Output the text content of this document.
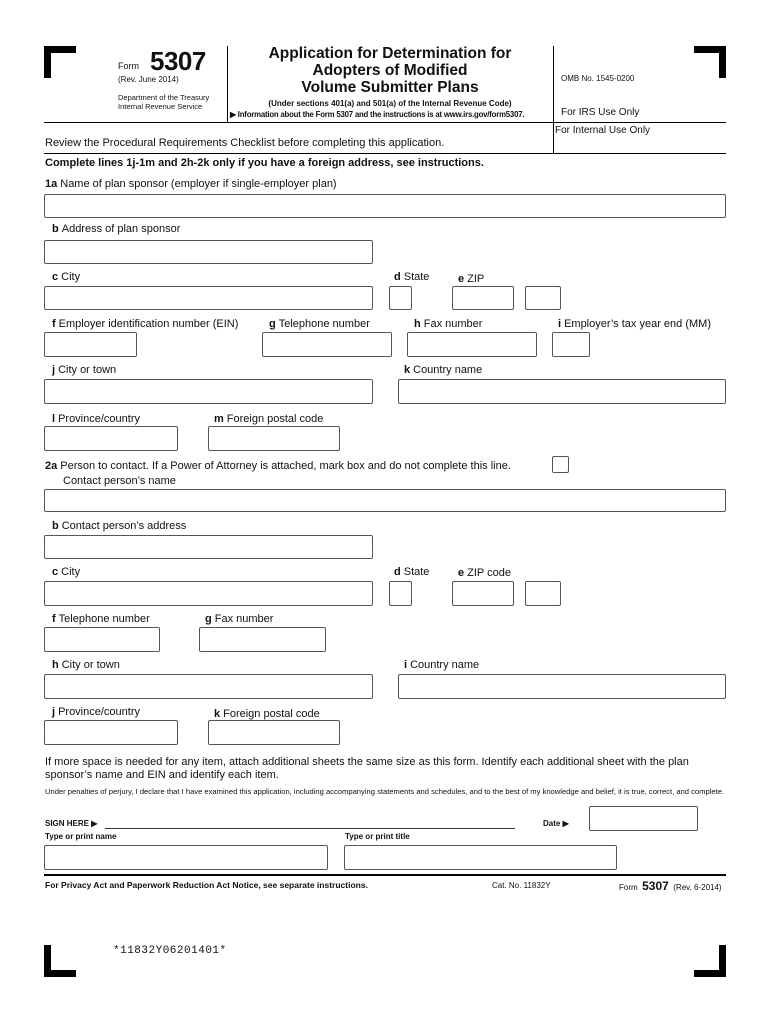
Form 5307
(Rev. June 2014)
Department of the Treasury
Internal Revenue Service
Application for Determination for
Adopters of Modified
Volume Submitter Plans
(Under sections 401(a) and 501(a) of the Internal Revenue Code)
▶ Information about the Form 5307 and the instructions is at www.irs.gov/form5307.
OMB No. 1545-0200
For IRS Use Only
For Internal Use Only
Review the Procedural Requirements Checklist before completing this application.
Complete lines 1j-1m and 2h-2k only if you have a foreign address, see instructions.
1a Name of plan sponsor (employer if single-employer plan)
b Address of plan sponsor
c City	d State	e ZIP
f Employer identification number (EIN)	g Telephone number	h Fax number	i Employer’s tax year end (MM)
j City or town	k Country name
l Province/country	m Foreign postal code
2a Person to contact. If a Power of Attorney is attached, mark box and do not complete this line.
Contact person’s name
b Contact person’s address
c City	d State	e ZIP code
f Telephone number	g Fax number
h City or town	i Country name
j Province/country	k Foreign postal code
If more space is needed for any item, attach additional sheets the same size as this form. Identify each additional sheet with the plan sponsor’s name and EIN and identify each item.
Under penalties of perjury, I declare that I have examined this application, including accompanying statements and schedules, and to the best of my knowledge and belief, it is true, correct, and complete.
SIGN HERE ▶	Date ▶
Type or print name	Type or print title
For Privacy Act and Paperwork Reduction Act Notice, see separate instructions.	Cat. No. 11832Y	Form 5307 (Rev. 6-2014)
*11832Y06201401*
